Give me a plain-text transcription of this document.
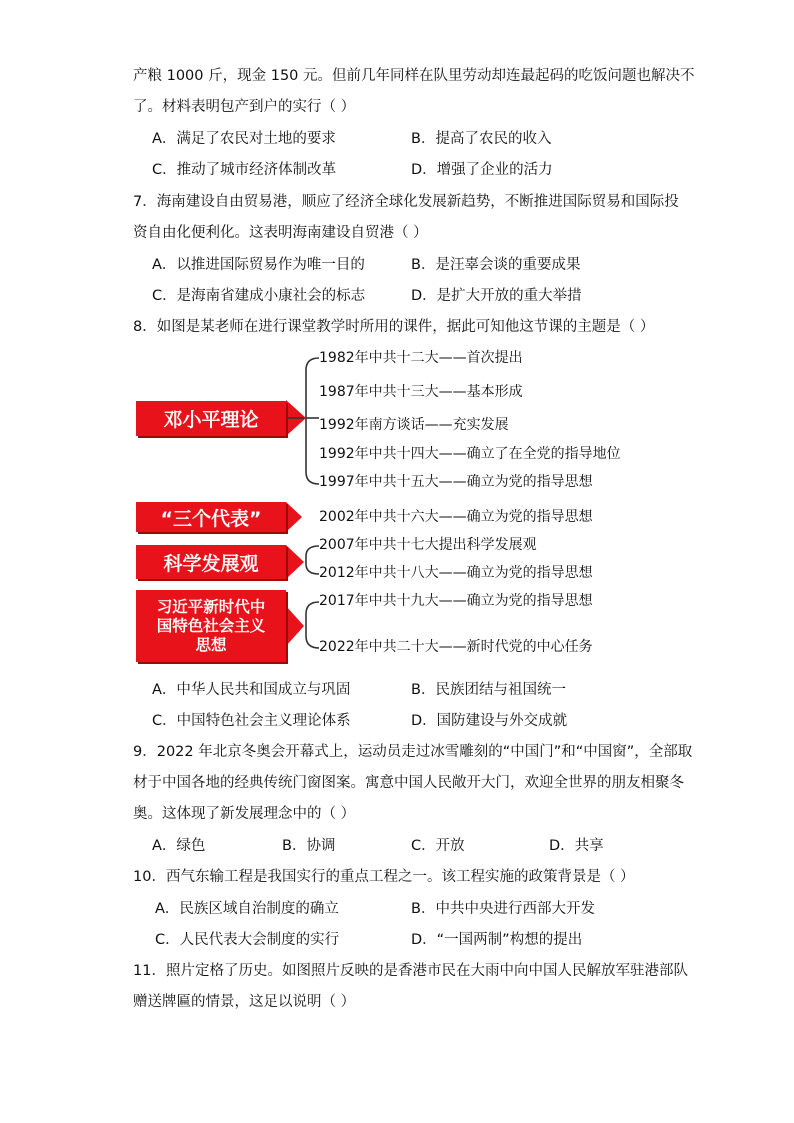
产粮 1000 斤，现金 150 元。但前几年同样在队里劳动却连最起码的吃饭问题也解决不
了。材料表明包产到户的实行（ ）
A．满足了农民对土地的要求	B．提高了农民的收入
C．推动了城市经济体制改革	D．增强了企业的活力
7．海南建设自由贸易港，顺应了经济全球化发展新趋势，不断推进国际贸易和国际投
资自由化便利化。这表明海南建设自贸港（ ）
A．以推进国际贸易作为唯一目的	B．是汪辜会谈的重要成果
C．是海南省建成小康社会的标志	D．是扩大开放的重大举措
8．如图是某老师在进行课堂教学时所用的课件，据此可知他这节课的主题是（ ）
邓小平理论
1982年中共十二大——首次提出
1987年中共十三大——基本形成
1992年南方谈话——充实发展
1992年中共十四大——确立了在全党的指导地位
1997年中共十五大——确立为党的指导思想
“三个代表”	2002年中共十六大——确立为党的指导思想
科学发展观
2007年中共十七大提出科学发展观
2012年中共十八大——确立为党的指导思想
习近平新时代中
国特色社会主义
思想
2017年中共十九大——确立为党的指导思想
2022年中共二十大——新时代党的中心任务
A．中华人民共和国成立与巩固	B．民族团结与祖国统一
C．中国特色社会主义理论体系	D．国防建设与外交成就
9．2022 年北京冬奥会开幕式上，运动员走过冰雪雕刻的“中国门”和“中国窗”，全部取
材于中国各地的经典传统门窗图案。寓意中国人民敞开大门，欢迎全世界的朋友相聚冬
奥。这体现了新发展理念中的（ ）
A．绿色	B．协调	C．开放	D．共享
10．西气东输工程是我国实行的重点工程之一。该工程实施的政策背景是（ ）
A．民族区域自治制度的确立	B．中共中央进行西部大开发
C．人民代表大会制度的实行	D．“一国两制”构想的提出
11．照片定格了历史。如图照片反映的是香港市民在大雨中向中国人民解放军驻港部队
赠送牌匾的情景，这足以说明（ ）
